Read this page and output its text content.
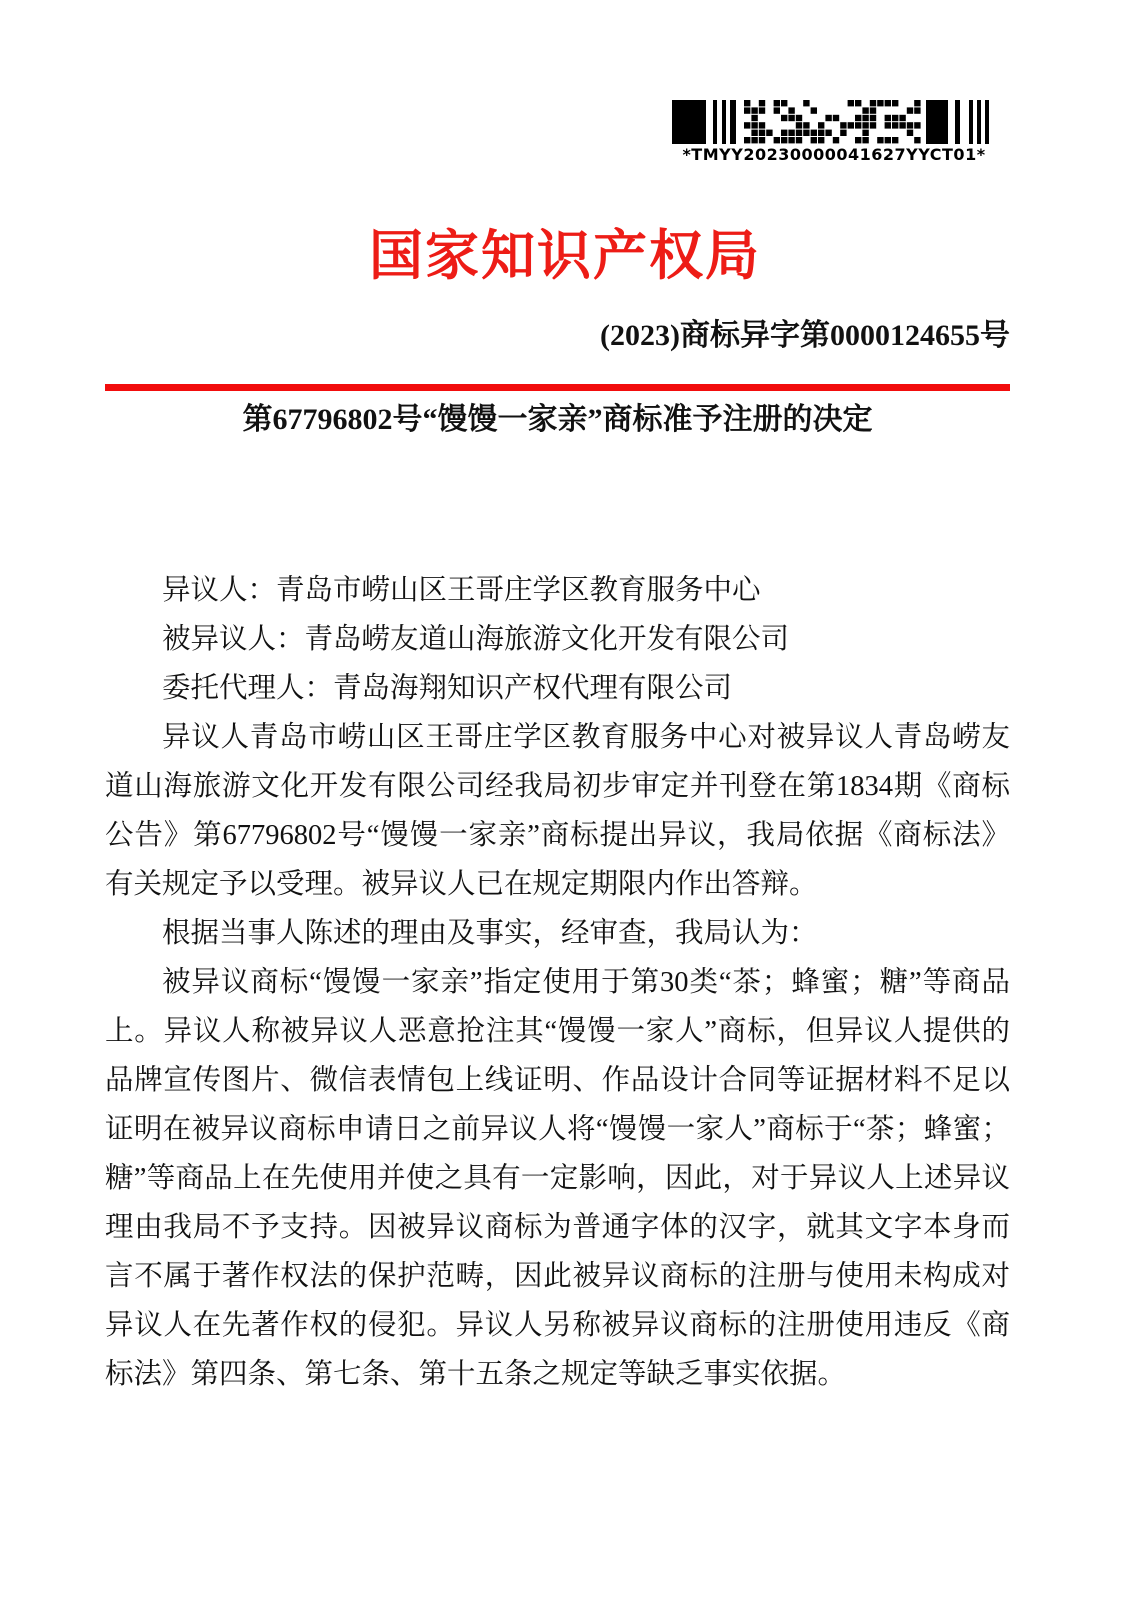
*TMYY20230000041627YYCT01*
国家知识产权局
(2023)商标异字第0000124655号
第67796802号“馒馒一家亲”商标准予注册的决定

异议人：青岛市崂山区王哥庄学区教育服务中心

被异议人：青岛崂友道山海旅游文化开发有限公司

委托代理人：青岛海翔知识产权代理有限公司

异议人青岛市崂山区王哥庄学区教育服务中心对被异议人青岛崂友道山海旅游文化开发有限公司经我局初步审定并刊登在第1834期《商标公告》第67796802号“馒馒一家亲”商标提出异议，我局依据《商标法》有关规定予以受理。被异议人已在规定期限内作出答辩。

根据当事人陈述的理由及事实，经审查，我局认为：

被异议商标“馒馒一家亲”指定使用于第30类“茶；蜂蜜；糖”等商品上。异议人称被异议人恶意抢注其“馒馒一家人”商标，但异议人提供的品牌宣传图片、微信表情包上线证明、作品设计合同等证据材料不足以证明在被异议商标申请日之前异议人将“馒馒一家人”商标于“茶；蜂蜜；糖”等商品上在先使用并使之具有一定影响，因此，对于异议人上述异议理由我局不予支持。因被异议商标为普通字体的汉字，就其文字本身而言不属于著作权法的保护范畴，因此被异议商标的注册与使用未构成对异议人在先著作权的侵犯。异议人另称被异议商标的注册使用违反《商标法》第四条、第七条、第十五条之规定等缺乏事实依据。
